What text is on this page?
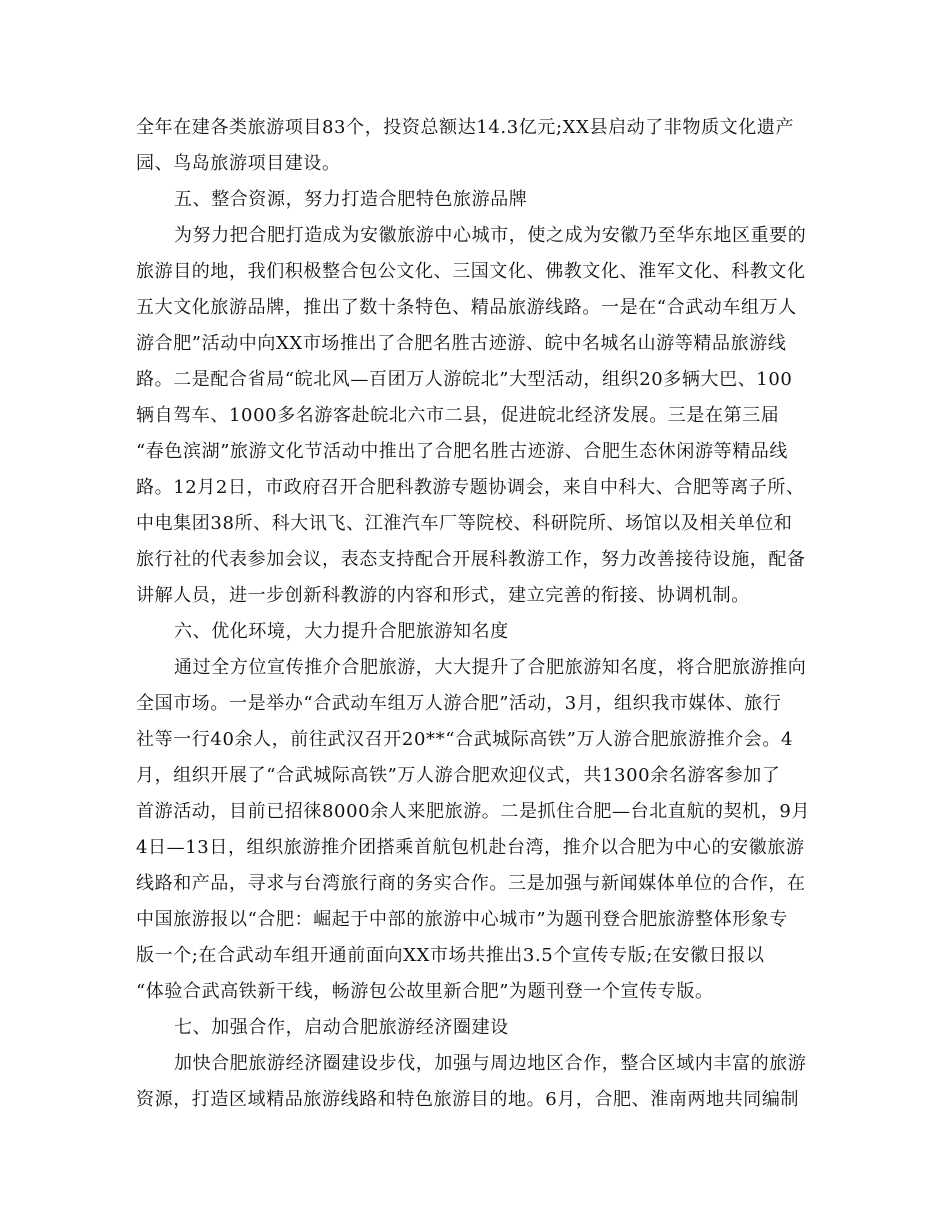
全年在建各类旅游项目83个，投资总额达14.3亿元;XX县启动了非物质文化遗产
园、鸟岛旅游项目建设。
五、整合资源，努力打造合肥特色旅游品牌
为努力把合肥打造成为安徽旅游中心城市，使之成为安徽乃至华东地区重要的
旅游目的地，我们积极整合包公文化、三国文化、佛教文化、淮军文化、科教文化
五大文化旅游品牌，推出了数十条特色、精品旅游线路。一是在“合武动车组万人
游合肥”活动中向XX市场推出了合肥名胜古迹游、皖中名城名山游等精品旅游线
路。二是配合省局“皖北风—百团万人游皖北”大型活动，组织20多辆大巴、100
辆自驾车、1000多名游客赴皖北六市二县，促进皖北经济发展。三是在第三届
“春色滨湖”旅游文化节活动中推出了合肥名胜古迹游、合肥生态休闲游等精品线
路。12月2日，市政府召开合肥科教游专题协调会，来自中科大、合肥等离子所、
中电集团38所、科大讯飞、江淮汽车厂等院校、科研院所、场馆以及相关单位和
旅行社的代表参加会议，表态支持配合开展科教游工作，努力改善接待设施，配备
讲解人员，进一步创新科教游的内容和形式，建立完善的衔接、协调机制。
六、优化环境，大力提升合肥旅游知名度
通过全方位宣传推介合肥旅游，大大提升了合肥旅游知名度，将合肥旅游推向
全国市场。一是举办“合武动车组万人游合肥”活动，3月，组织我市媒体、旅行
社等一行40余人，前往武汉召开20**“合武城际高铁”万人游合肥旅游推介会。4
月，组织开展了“合武城际高铁”万人游合肥欢迎仪式，共1300余名游客参加了
首游活动，目前已招徕8000余人来肥旅游。二是抓住合肥—台北直航的契机，9月
4日—13日，组织旅游推介团搭乘首航包机赴台湾，推介以合肥为中心的安徽旅游
线路和产品，寻求与台湾旅行商的务实合作。三是加强与新闻媒体单位的合作，在
中国旅游报以“合肥：崛起于中部的旅游中心城市”为题刊登合肥旅游整体形象专
版一个;在合武动车组开通前面向XX市场共推出3.5个宣传专版;在安徽日报以
“体验合武高铁新干线，畅游包公故里新合肥”为题刊登一个宣传专版。
七、加强合作，启动合肥旅游经济圈建设
加快合肥旅游经济圈建设步伐，加强与周边地区合作，整合区域内丰富的旅游
资源，打造区域精品旅游线路和特色旅游目的地。6月，合肥、淮南两地共同编制
